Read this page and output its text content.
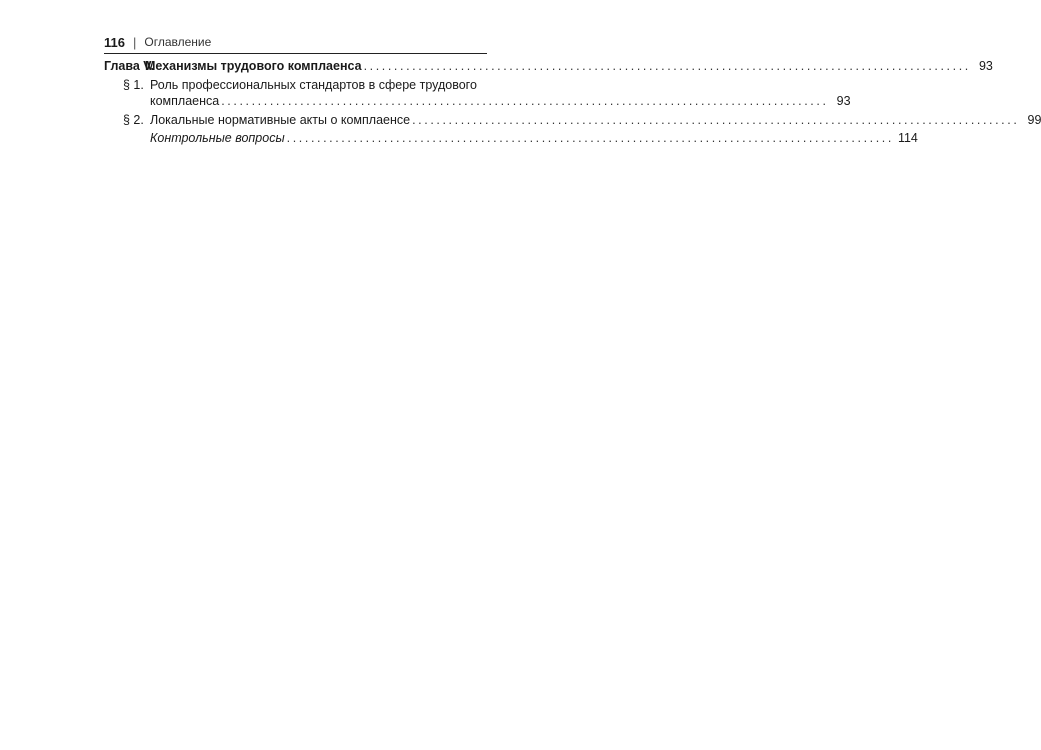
116 | Оглавление
Глава V.
Механизмы трудового комплаенса .................................................................................................... 93
§ 1. Роль профессиональных стандартов в сфере трудового
комплаенса .................................................................................................... 93
§ 2. Локальные нормативные акты о комплаенсе .................................................................................................... 99
Контрольные вопросы .................................................................................................... 114
